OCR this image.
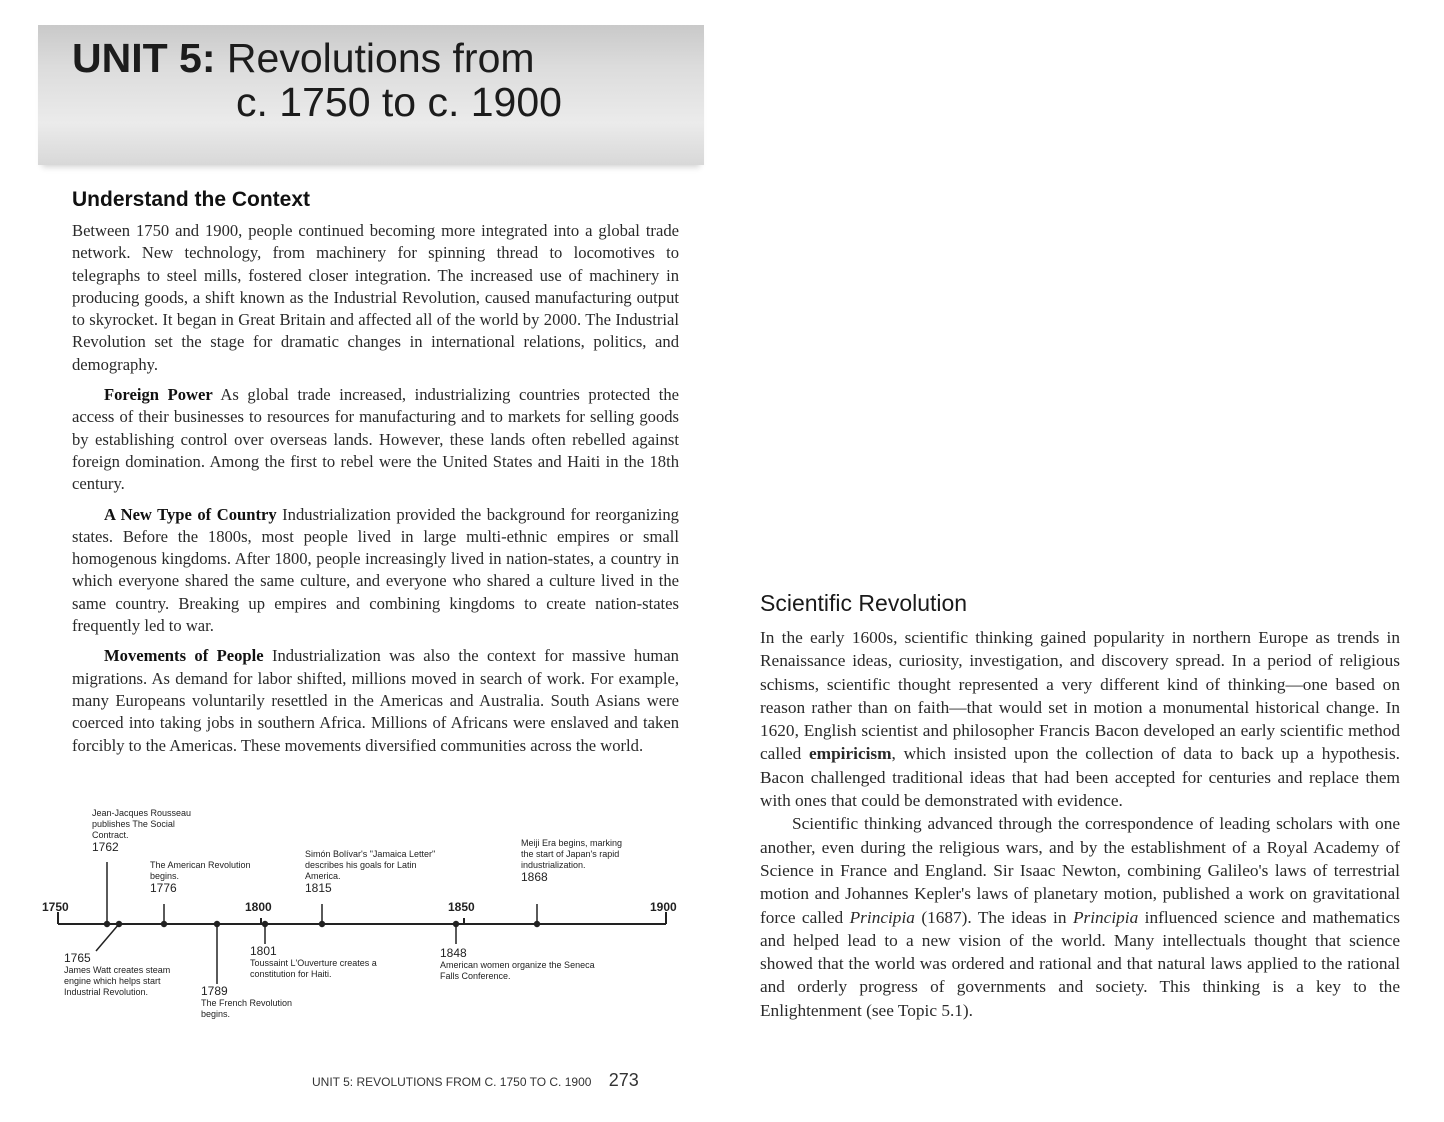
UNIT 5: Revolutions from
c. 1750 to c. 1900
Understand the Context

Between 1750 and 1900, people continued becoming more integrated into a global trade network. New technology, from machinery for spinning thread to locomotives to telegraphs to steel mills, fostered closer integration. The increased use of machinery in producing goods, a shift known as the Industrial Revolution, caused manufacturing output to skyrocket. It began in Great Britain and affected all of the world by 2000. The Industrial Revolution set the stage for dramatic changes in international relations, politics, and demography.

Foreign Power As global trade increased, industrializing countries protected the access of their businesses to resources for manufacturing and to markets for selling goods by establishing control over overseas lands. However, these lands often rebelled against foreign domination. Among the first to rebel were the United States and Haiti in the 18th century.

A New Type of Country Industrialization provided the background for reorganizing states. Before the 1800s, most people lived in large multi-ethnic empires or small homogenous kingdoms. After 1800, people increasingly lived in nation-states, a country in which everyone shared the same culture, and everyone who shared a culture lived in the same country. Breaking up empires and combining kingdoms to create nation-states frequently led to war.

Movements of People Industrialization was also the context for massive human migrations. As demand for labor shifted, millions moved in search of work. For example, many Europeans voluntarily resettled in the Americas and Australia. South Asians were coerced into taking jobs in southern Africa. Millions of Africans were enslaved and taken forcibly to the Americas. These movements diversified communities across the world.

1750	1800	1850	1900
Jean-Jacques Rousseau publishes The Social Contract.
1762
The American Revolution begins.
1776
Simón Bolívar's "Jamaica Letter" describes his goals for Latin America.
1815
Meiji Era begins, marking the start of Japan's rapid industrialization.
1868
1765
James Watt creates steam engine which helps start Industrial Revolution.	1789
The French Revolution begins.
1801
Toussaint L'Ouverture creates a constitution for Haiti.
1848
American women organize the Seneca Falls Conference.
UNIT 5: REVOLUTIONS FROM C. 1750 TO C. 1900 273
Scientific Revolution

In the early 1600s, scientific thinking gained popularity in northern Europe as trends in Renaissance ideas, curiosity, investigation, and discovery spread. In a period of religious schisms, scientific thought represented a very different kind of thinking—one based on reason rather than on faith—that would set in motion a monumental historical change. In 1620, English scientist and philosopher Francis Bacon developed an early scientific method called empiricism, which insisted upon the collection of data to back up a hypothesis. Bacon challenged traditional ideas that had been accepted for centuries and replace them with ones that could be demonstrated with evidence.

Scientific thinking advanced through the correspondence of leading scholars with one another, even during the religious wars, and by the establishment of a Royal Academy of Science in France and England. Sir Isaac Newton, combining Galileo's laws of terrestrial motion and Johannes Kepler's laws of planetary motion, published a work on gravitational force called Principia (1687). The ideas in Principia influenced science and mathematics and helped lead to a new vision of the world. Many intellectuals thought that science showed that the world was ordered and rational and that natural laws applied to the rational and orderly progress of governments and society. This thinking is a key to the Enlightenment (see Topic 5.1).
